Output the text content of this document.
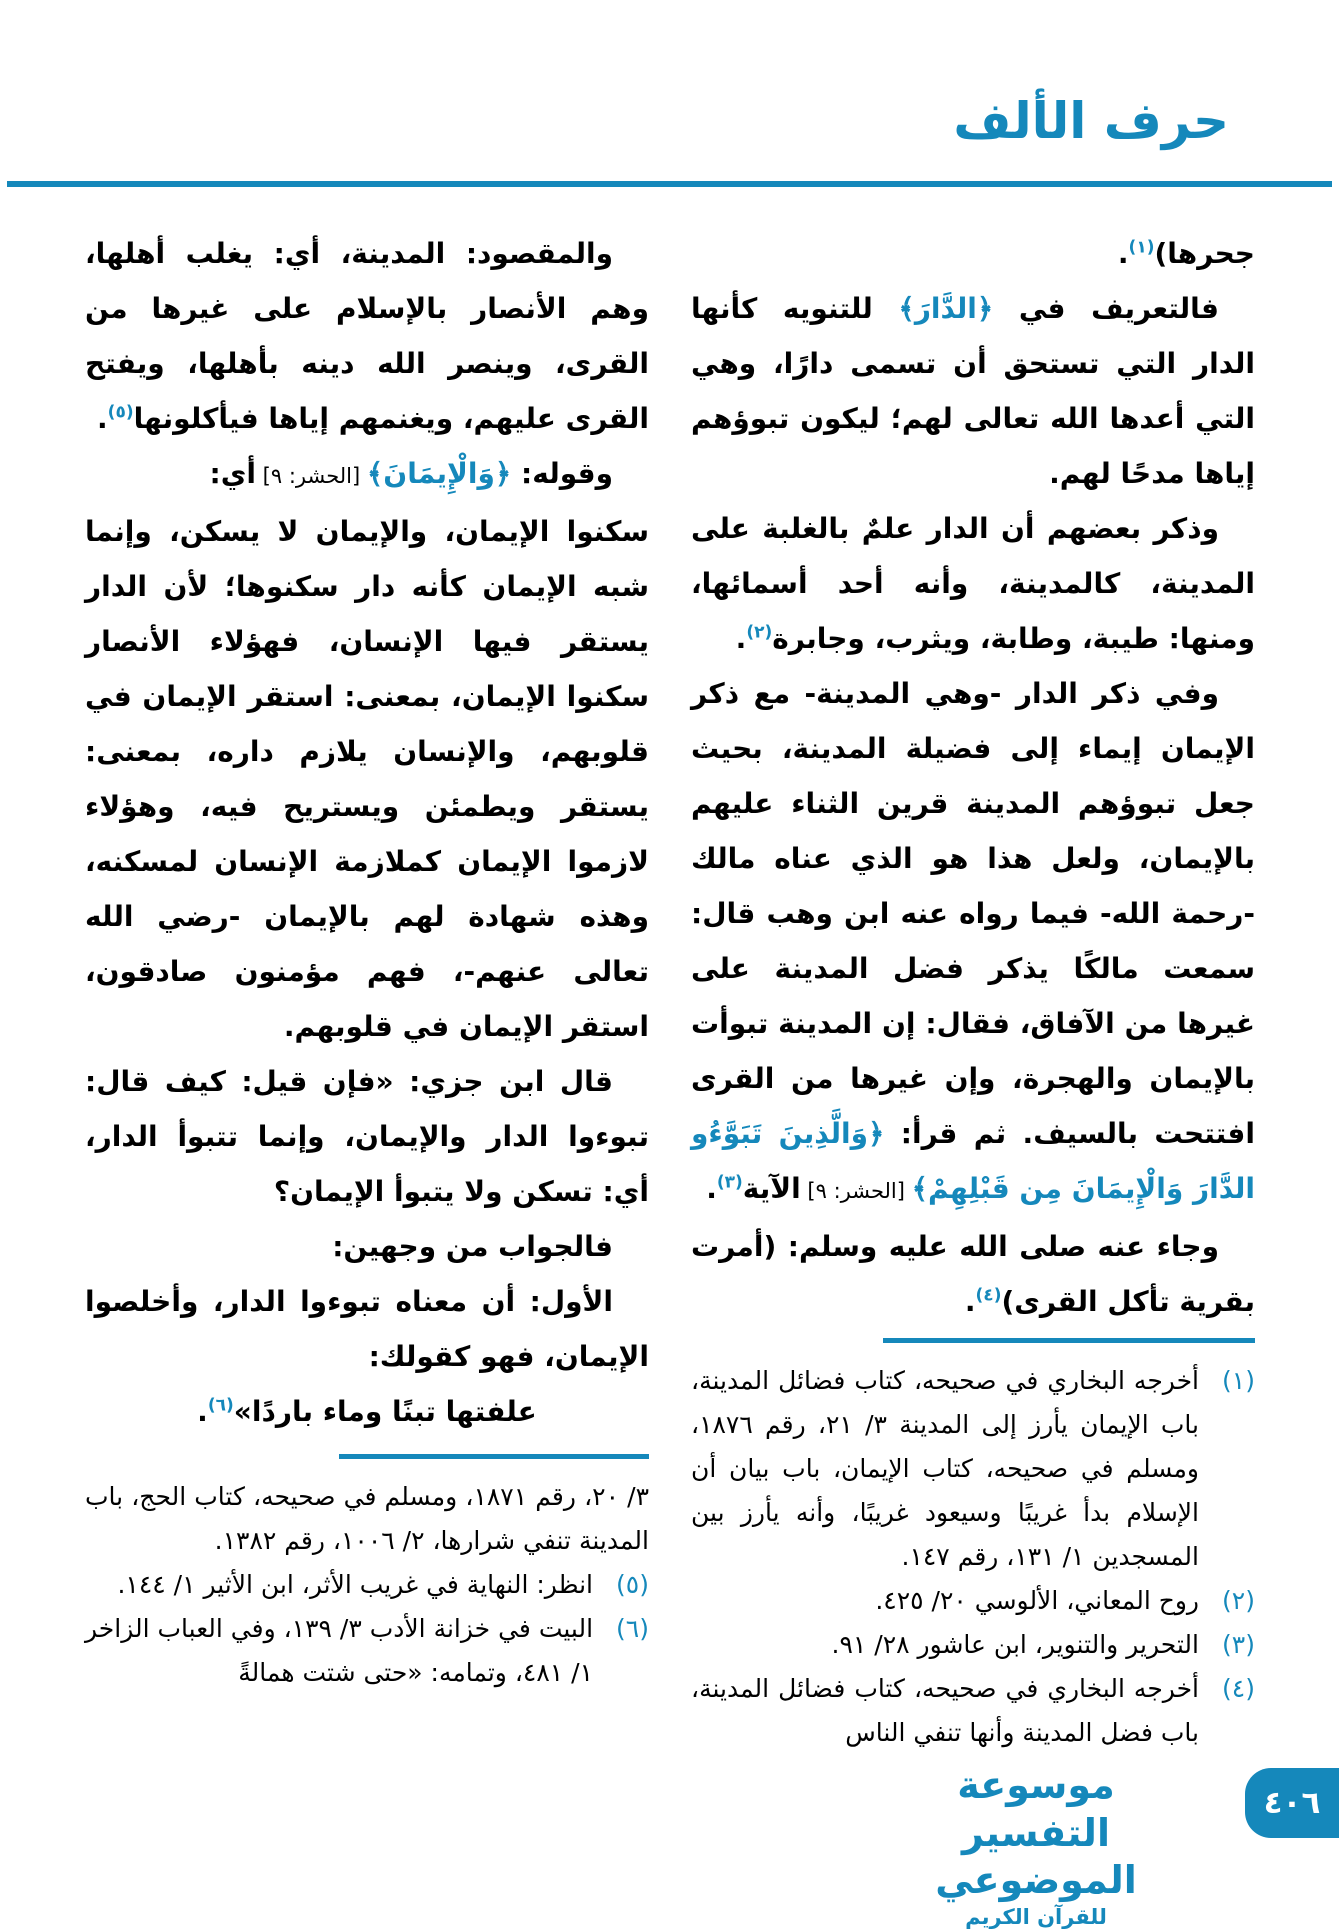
حرف الألف

جحرها)$^{(١)}$.

فالتعريف في ﴿الدَّارَ﴾ للتنويه كأنها الدار التي تستحق أن تسمى دارًا، وهي التي أعدها الله تعالى لهم؛ ليكون تبوؤهم إياها مدحًا لهم.

وذكر بعضهم أن الدار علمٌ بالغلبة على المدينة، كالمدينة، وأنه أحد أسمائها، ومنها: طيبة، وطابة، ويثرب، وجابرة$^{(٢)}$.

وفي ذكر الدار -وهي المدينة- مع ذكر الإيمان إيماء إلى فضيلة المدينة، بحيث جعل تبوؤهم المدينة قرين الثناء عليهم بالإيمان، ولعل هذا هو الذي عناه مالك -رحمة الله- فيما رواه عنه ابن وهب قال: سمعت مالكًا يذكر فضل المدينة على غيرها من الآفاق، فقال: إن المدينة تبوأت بالإيمان والهجرة، وإن غيرها من القرى افتتحت بالسيف. ثم قرأ: ﴿وَالَّذِينَ تَبَوَّءُو الدَّارَ وَالْإِيمَانَ مِن قَبْلِهِمْ﴾ [الحشر: ٩] الآية$^{(٣)}$.

وجاء عنه صلى الله عليه وسلم: (أمرت بقرية تأكل القرى)$^{(٤)}$.

(١)
أخرجه البخاري في صحيحه، كتاب فضائل المدينة، باب الإيمان يأرز إلى المدينة ٣/ ٢١، رقم ١٨٧٦، ومسلم في صحيحه، كتاب الإيمان، باب بيان أن الإسلام بدأ غريبًا وسيعود غريبًا، وأنه يأرز بين المسجدين ١/ ١٣١، رقم ١٤٧.
(٢)
روح المعاني، الألوسي ٢٠/ ٤٢٥.
(٣)
التحرير والتنوير، ابن عاشور ٢٨/ ٩١.
(٤)
أخرجه البخاري في صحيحه، كتاب فضائل المدينة، باب فضل المدينة وأنها تنفي الناس

والمقصود: المدينة، أي: يغلب أهلها، وهم الأنصار بالإسلام على غيرها من القرى، وينصر الله دينه بأهلها، ويفتح القرى عليهم، ويغنمهم إياها فيأكلونها$^{(٥)}$.

وقوله: ﴿وَالْإِيمَانَ﴾ [الحشر: ٩] أي:

سكنوا الإيمان، والإيمان لا يسكن، وإنما شبه الإيمان كأنه دار سكنوها؛ لأن الدار يستقر فيها الإنسان، فهؤلاء الأنصار سكنوا الإيمان، بمعنى: استقر الإيمان في قلوبهم، والإنسان يلازم داره، بمعنى: يستقر ويطمئن ويستريح فيه، وهؤلاء لازموا الإيمان كملازمة الإنسان لمسكنه، وهذه شهادة لهم بالإيمان -رضي الله تعالى عنهم-، فهم مؤمنون صادقون، استقر الإيمان في قلوبهم.

قال ابن جزي: «فإن قيل: كيف قال: تبوءوا الدار والإيمان، وإنما تتبوأ الدار، أي: تسكن ولا يتبوأ الإيمان؟

فالجواب من وجهين:

الأول: أن معناه تبوءوا الدار، وأخلصوا الإيمان، فهو كقولك:

علفتها تبنًا وماء باردًا»$^{(٦)}$.

٣/ ٢٠، رقم ١٨٧١، ومسلم في صحيحه، كتاب الحج، باب المدينة تنفي شرارها، ٢/ ١٠٠٦، رقم ١٣٨٢.
(٥)
انظر: النهاية في غريب الأثر، ابن الأثير ١/ ١٤٤.
(٦)
البيت في خزانة الأدب ٣/ ١٣٩، وفي العباب الزاخر ١/ ٤٨١، وتمامه: «حتى شتت همالةً
موسوعة التفسير الموضوعي
للقرآن الكريم
٤٠٦
